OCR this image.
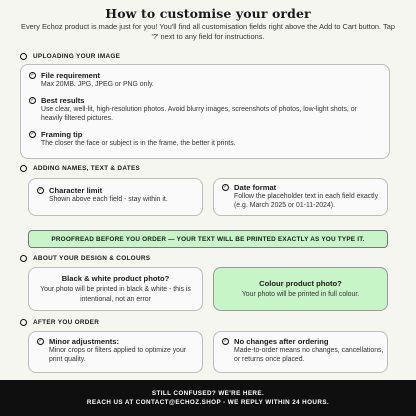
How to customise your order
Every Echoz product is made just for you! You'll find all customisation fields right above the Add to Cart button. Tap '?' next to any field for instructions.
UPLOADING YOUR IMAGE
✓ File requirement
Max 20MB. JPG, JPEG or PNG only.
✓ Best results
Use clear, well-lit, high-resolution photos. Avoid blurry images, screenshots of photos, low-light shots, or heavily filtered pictures.
✓ Framing tip
The closer the face or subject is in the frame, the better it prints.
ADDING NAMES, TEXT & DATES
✓ Character limit
Shown above each field - stay within it.
✓ Date format
Follow the placeholder text in each field exactly (e.g. March 2025 or 01-11-2024).
PROOFREAD BEFORE YOU ORDER — YOUR TEXT WILL BE PRINTED EXACTLY AS YOU TYPE IT.
ABOUT YOUR DESIGN & COLOURS
Black & white product photo?
Your photo will be printed in black & white - this is intentional, not an error
Colour product photo?
Your photo will be printed in full colour.
AFTER YOU ORDER
✓ Minor adjustments:
Minor crops or filters applied to optimize your print quality.
✓ No changes after ordering
Made-to-order means no changes, cancellations, or returns once placed.
STILL CONFUSED? WE'RE HERE.
REACH US AT CONTACT@ECHOZ.SHOP - WE REPLY WITHIN 24 HOURS.
